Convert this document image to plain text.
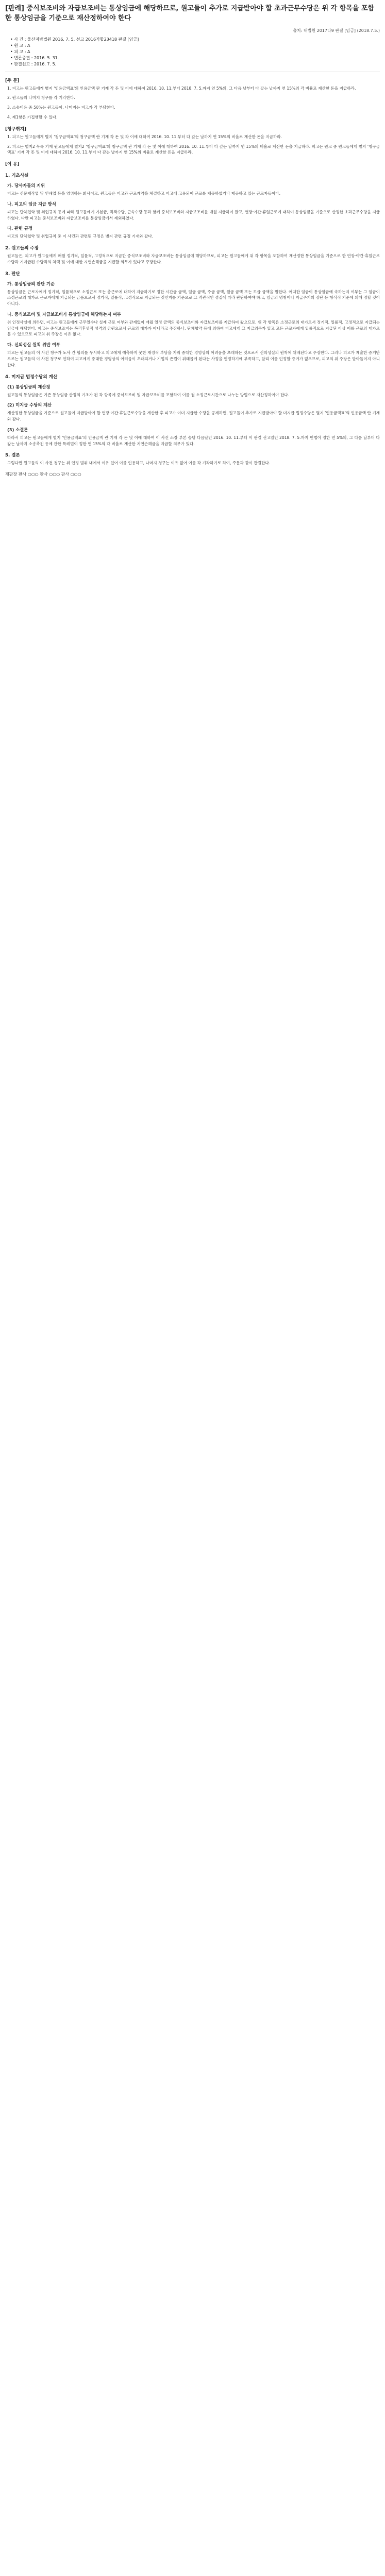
[판례] 중식보조비와 자급보조비는 통상임금에 해당하므로, 원고들이 추가로 지급받아야 할 초과근무수당은 위 각 항목을 포함한 통상임금을 기준으로 재산정하여야 한다
출처: 대법원 2017다9 판결 [임금] (2018.7.5.)
• 사 건 : 울산지방법원 2016. 7. 5. 선고 2016가합23418 판결 [임금]
• 원 고 : A
• 피 고 : A
• 변론종결 : 2016. 5. 31.
• 판결선고 : 2016. 7. 5.
[주 문]
1. 피고는 원고들에게 별지 '인용금액표'의 인용금액 란 기재 각 돈 및 이에 대하여 2016. 10. 11.부터 2018. 7. 5.까지 연 5%의, 그 다음 날부터 다 갚는 날까지 연 15%의 각 비율로 계산한 돈을 지급하라.
2. 원고들의 나머지 청구를 각 기각한다.
3. 소송비용 중 50%는 원고들이, 나머지는 피고가 각 부담한다.
4. 제1항은 가집행할 수 있다.
[청구취지]
1. 피고는 원고들에게 별지 '청구금액표'의 청구금액 란 기재 각 돈 및 각 이에 대하여 2016. 10. 11.부터 다 갚는 날까지 연 15%의 비율로 계산한 돈을 지급하라.
2. 피고는 별지2 목록 기재 원고들에게 별지2 '청구금액표'의 청구금액 란 기재 각 돈 및 이에 대하여 2016. 10. 11.부터 다 갚는 날까지 연 15%의 비율로 계산한 돈을 지급하라. 피고는 원고 중 원고들에게 별지 '청구금액표' 기재 각 돈 및 이에 대하여 2016. 10. 11.부터 다 갚는 날까지 연 15%의 비율로 계산한 돈을 지급하라.
[이 유]
1. 기초사실
가. 당사자들의 지위
피고는 신문제작업 및 인쇄업 등을 영위하는 회사이고, 원고들은 피고와 근로계약을 체결하고 피고에 고용되어 근로를 제공하였거나 제공하고 있는 근로자들이다.
나. 피고의 임금 지급 방식
피고는 단체협약 및 취업규칙 등에 따라 원고들에게 기본급, 직책수당, 근속수당 등과 함께 중식보조비와 자급보조비를 매월 지급하여 왔고, 연장·야간·휴일근로에 대하여 통상임금을 기준으로 산정한 초과근무수당을 지급하였다. 다만 피고는 중식보조비와 자급보조비를 통상임금에서 제외하였다.
다. 관련 규정
피고의 단체협약 및 취업규칙 중 이 사건과 관련된 규정은 별지 관련 규정 기재와 같다.
2. 원고들의 주장
원고들은, 피고가 원고들에게 매월 정기적, 일률적, 고정적으로 지급한 중식보조비와 자급보조비는 통상임금에 해당하므로, 피고는 원고들에게 위 각 항목을 포함하여 재산정한 통상임금을 기준으로 한 연장·야간·휴일근로수당과 기지급된 수당과의 차액 및 이에 대한 지연손해금을 지급할 의무가 있다고 주장한다.
3. 판단
가. 통상임금의 판단 기준
통상임금은 근로자에게 정기적, 일률적으로 소정근로 또는 총근로에 대하여 지급하기로 정한 시간급 금액, 일급 금액, 주급 금액, 월급 금액 또는 도급 금액을 말한다. 어떠한 임금이 통상임금에 속하는지 여부는 그 임금이 소정근로의 대가로 근로자에게 지급되는 금품으로서 정기적, 일률적, 고정적으로 지급되는 것인지를 기준으로 그 객관적인 성질에 따라 판단하여야 하고, 임금의 명칭이나 지급주기의 장단 등 형식적 기준에 의해 정할 것이 아니다.
나. 중식보조비 및 자급보조비가 통상임금에 해당하는지 여부
위 인정사실에 의하면, 피고는 원고들에게 근무일수나 실제 근로 여부와 관계없이 매월 일정 금액의 중식보조비와 자급보조비를 지급하여 왔으므로, 위 각 항목은 소정근로의 대가로서 정기적, 일률적, 고정적으로 지급되는 임금에 해당한다. 피고는 중식보조비는 복리후생적 성격의 금원으로서 근로의 대가가 아니라고 주장하나, 단체협약 등에 의하여 피고에게 그 지급의무가 있고 모든 근로자에게 일률적으로 지급된 이상 이를 근로의 대가로 볼 수 있으므로 피고의 위 주장은 이유 없다.
다. 신의성실 원칙 위반 여부
피고는 원고들의 이 사건 청구가 노사 간 합의를 무시하고 피고에게 예측하지 못한 재정적 부담을 지워 중대한 경영상의 어려움을 초래하는 것으로서 신의성실의 원칙에 위배된다고 주장한다. 그러나 피고가 제출한 증거만으로는 원고들의 이 사건 청구로 인하여 피고에게 중대한 경영상의 어려움이 초래되거나 기업의 존립이 위태롭게 된다는 사정을 인정하기에 부족하고, 달리 이를 인정할 증거가 없으므로, 피고의 위 주장은 받아들이지 아니한다.
4. 미지급 법정수당의 계산
(1) 통상임금의 재산정
원고들의 통상임금은 기존 통상임금 산정의 기초가 된 각 항목에 중식보조비 및 자급보조비를 포함하여 이를 월 소정근로시간으로 나누는 방법으로 재산정하여야 한다.
(2) 미지급 수당의 계산
재산정한 통상임금을 기준으로 원고들이 지급받아야 할 연장·야간·휴일근로수당을 계산한 후 피고가 이미 지급한 수당을 공제하면, 원고들이 추가로 지급받아야 할 미지급 법정수당은 별지 '인용금액표'의 인용금액 란 기재와 같다.
(3) 소결론
따라서 피고는 원고들에게 별지 '인용금액표'의 인용금액 란 기재 각 돈 및 이에 대하여 이 사건 소장 부본 송달 다음날인 2016. 10. 11.부터 이 판결 선고일인 2018. 7. 5.까지 민법이 정한 연 5%의, 그 다음 날부터 다 갚는 날까지 소송촉진 등에 관한 특례법이 정한 연 15%의 각 비율로 계산한 지연손해금을 지급할 의무가 있다.
5. 결론
그렇다면 원고들의 이 사건 청구는 위 인정 범위 내에서 이유 있어 이를 인용하고, 나머지 청구는 이유 없어 이를 각 기각하기로 하여, 주문과 같이 판결한다.
재판장 판사 ○○○ 판사 ○○○ 판사 ○○○
